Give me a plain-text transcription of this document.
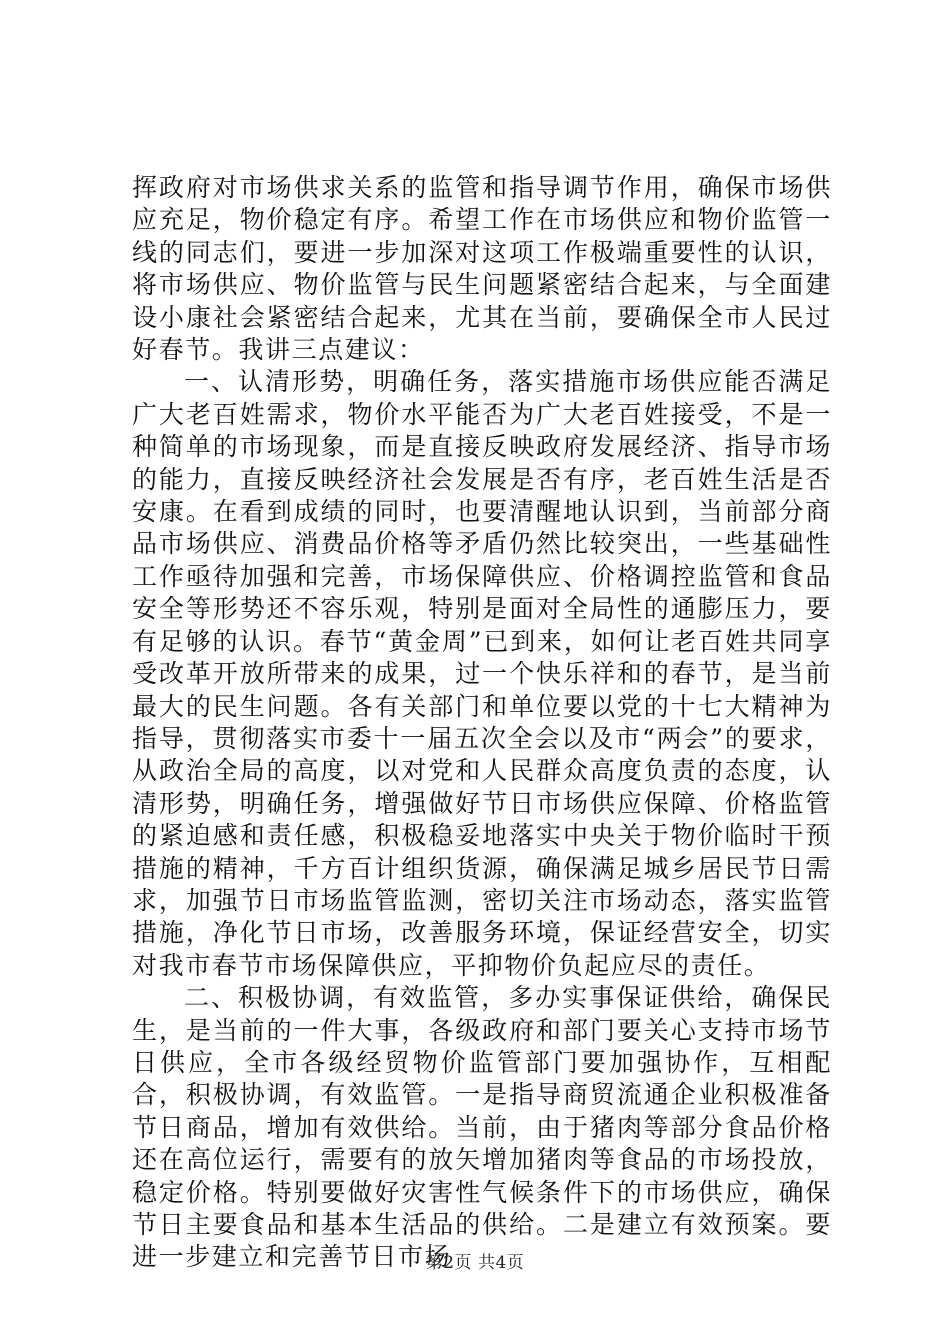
挥政府对市场供求关系的监管和指导调节作用，确保市场供应充足，物价稳定有序。希望工作在市场供应和物价监管一线的同志们，要进一步加深对这项工作极端重要性的认识，将市场供应、物价监管与民生问题紧密结合起来，与全面建设小康社会紧密结合起来，尤其在当前，要确保全市人民过好春节。我讲三点建议：

一、认清形势，明确任务，落实措施市场供应能否满足广大老百姓需求，物价水平能否为广大老百姓接受，不是一种简单的市场现象，而是直接反映政府发展经济、指导市场的能力，直接反映经济社会发展是否有序，老百姓生活是否安康。在看到成绩的同时，也要清醒地认识到，当前部分商品市场供应、消费品价格等矛盾仍然比较突出，一些基础性工作亟待加强和完善，市场保障供应、价格调控监管和食品安全等形势还不容乐观，特别是面对全局性的通膨压力，要有足够的认识。春节“黄金周”已到来，如何让老百姓共同享受改革开放所带来的成果，过一个快乐祥和的春节，是当前最大的民生问题。各有关部门和单位要以党的十七大精神为指导，贯彻落实市委十一届五次全会以及市“两会”的要求，从政治全局的高度，以对党和人民群众高度负责的态度，认清形势，明确任务，增强做好节日市场供应保障、价格监管的紧迫感和责任感，积极稳妥地落实中央关于物价临时干预措施的精神，千方百计组织货源，确保满足城乡居民节日需求，加强节日市场监管监测，密切关注市场动态，落实监管措施，净化节日市场，改善服务环境，保证经营安全，切实对我市春节市场保障供应，平抑物价负起应尽的责任。

二、积极协调，有效监管，多办实事保证供给，确保民生，是当前的一件大事，各级政府和部门要关心支持市场节日供应，全市各级经贸物价监管部门要加强协作，互相配合，积极协调，有效监管。一是指导商贸流通企业积极准备节日商品，增加有效供给。当前，由于猪肉等部分食品价格还在高位运行，需要有的放矢增加猪肉等食品的市场投放，稳定价格。特别要做好灾害性气候条件下的市场供应，确保节日主要食品和基本生活品的供给。二是建立有效预案。要进一步建立和完善节日市场

第2页 共4页
